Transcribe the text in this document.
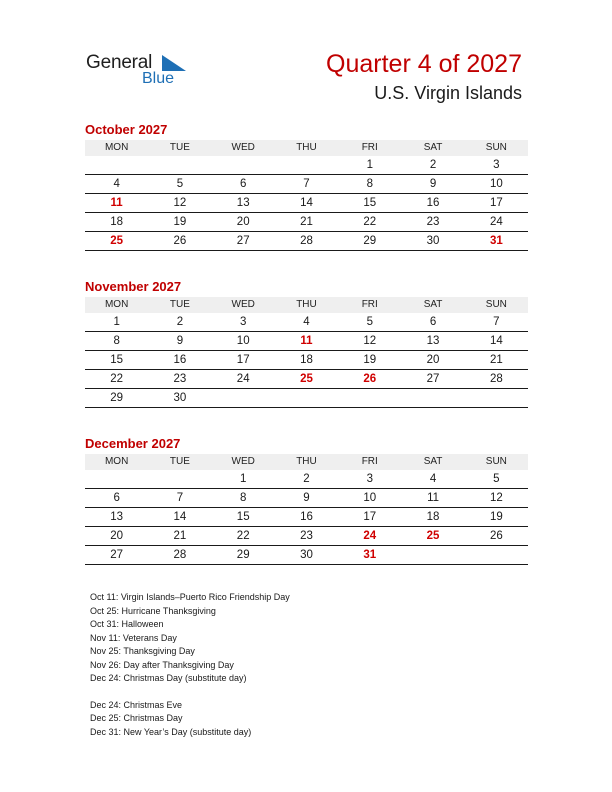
General
Blue
Quarter 4 of 2027
U.S. Virgin Islands
October 2027
MON	TUE	WED	THU	FRI	SAT	SUN
				1	2	3
4	5	6	7	8	9	10
11	12	13	14	15	16	17
18	19	20	21	22	23	24
25	26	27	28	29	30	31
November 2027
MON	TUE	WED	THU	FRI	SAT	SUN
1	2	3	4	5	6	7
8	9	10	11	12	13	14
15	16	17	18	19	20	21
22	23	24	25	26	27	28
29	30					
December 2027
MON	TUE	WED	THU	FRI	SAT	SUN
		1	2	3	4	5
6	7	8	9	10	11	12
13	14	15	16	17	18	19
20	21	22	23	24	25	26
27	28	29	30	31		
Oct 11: Virgin Islands–Puerto Rico Friendship Day
Oct 25: Hurricane Thanksgiving
Oct 31: Halloween
Nov 11: Veterans Day
Nov 25: Thanksgiving Day
Nov 26: Day after Thanksgiving Day
Dec 24: Christmas Day (substitute day)
Dec 24: Christmas Eve
Dec 25: Christmas Day
Dec 31: New Year’s Day (substitute day)
